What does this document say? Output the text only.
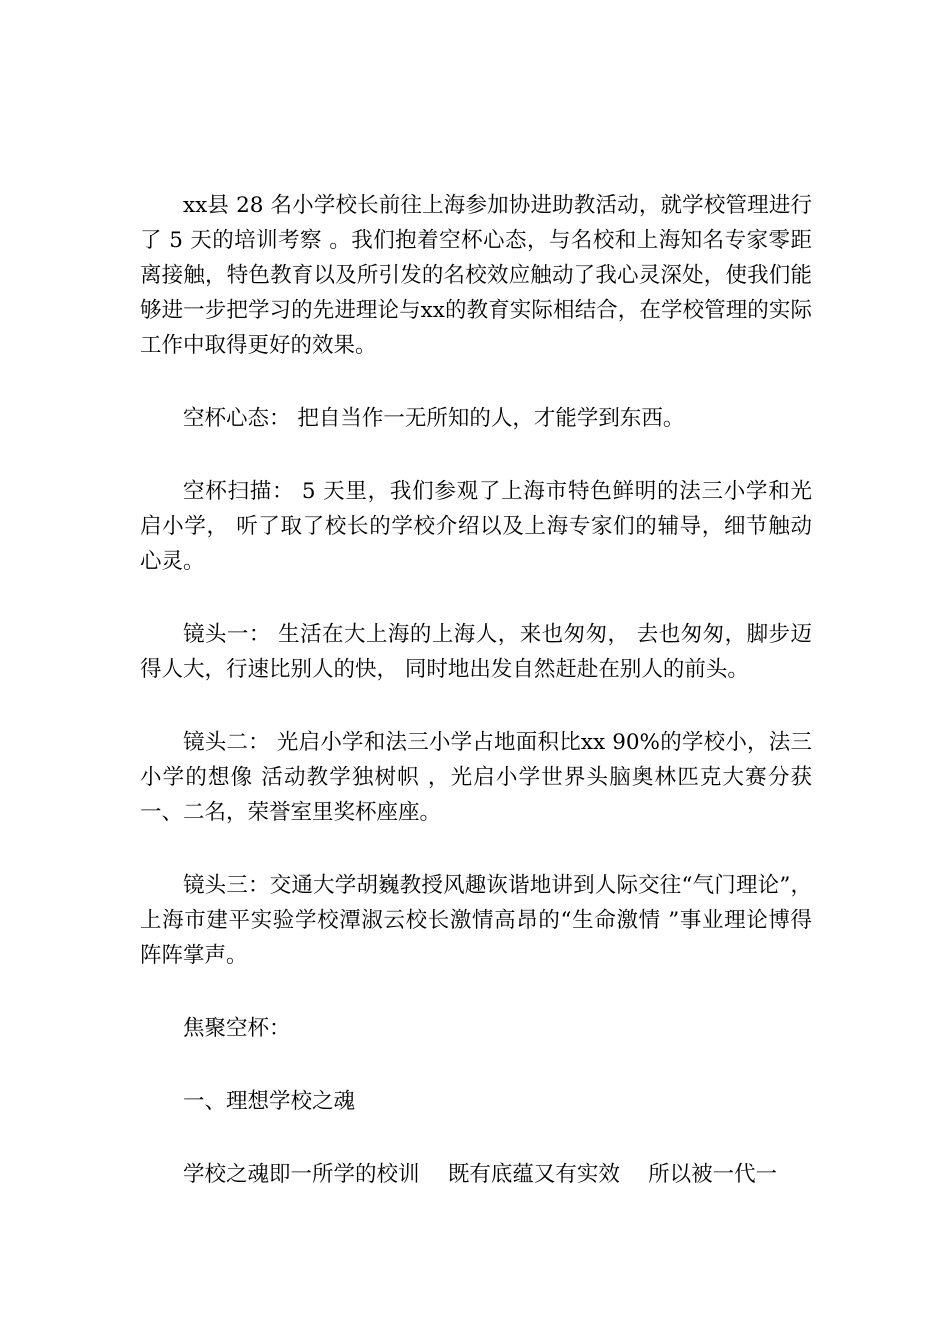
xx县 28 名小学校长前往上海参加协进助教活动，就学校管理进行了 5 天的培训考察 。我们抱着空杯心态，与名校和上海知名专家零距离接触，特色教育以及所引发的名校效应触动了我心灵深处，使我们能够进一步把学习的先进理论与xx的教育实际相结合，在学校管理的实际工作中取得更好的效果。

空杯心态： 把自当作一无所知的人，才能学到东西。

空杯扫描： 5 天里，我们参观了上海市特色鲜明的法三小学和光启小学， 听了取了校长的学校介绍以及上海专家们的辅导，细节触动心灵。

镜头一： 生活在大上海的上海人，来也匆匆， 去也匆匆，脚步迈得人大，行速比别人的快， 同时地出发自然赶赴在别人的前头。

镜头二： 光启小学和法三小学占地面积比xx 90%的学校小，法三小学的想像 活动教学独树帜 ，光启小学世界头脑奥林匹克大赛分获一、二名，荣誉室里奖杯座座。

镜头三：交通大学胡巍教授风趣诙谐地讲到人际交往“气门理论”，上海市建平实验学校潭淑云校长激情高昂的“生命激情 ”事业理论博得阵阵掌声。

焦聚空杯：

一、理想学校之魂

学校之魂即一所学的校训　 既有底蕴又有实效　 所以被一代一
